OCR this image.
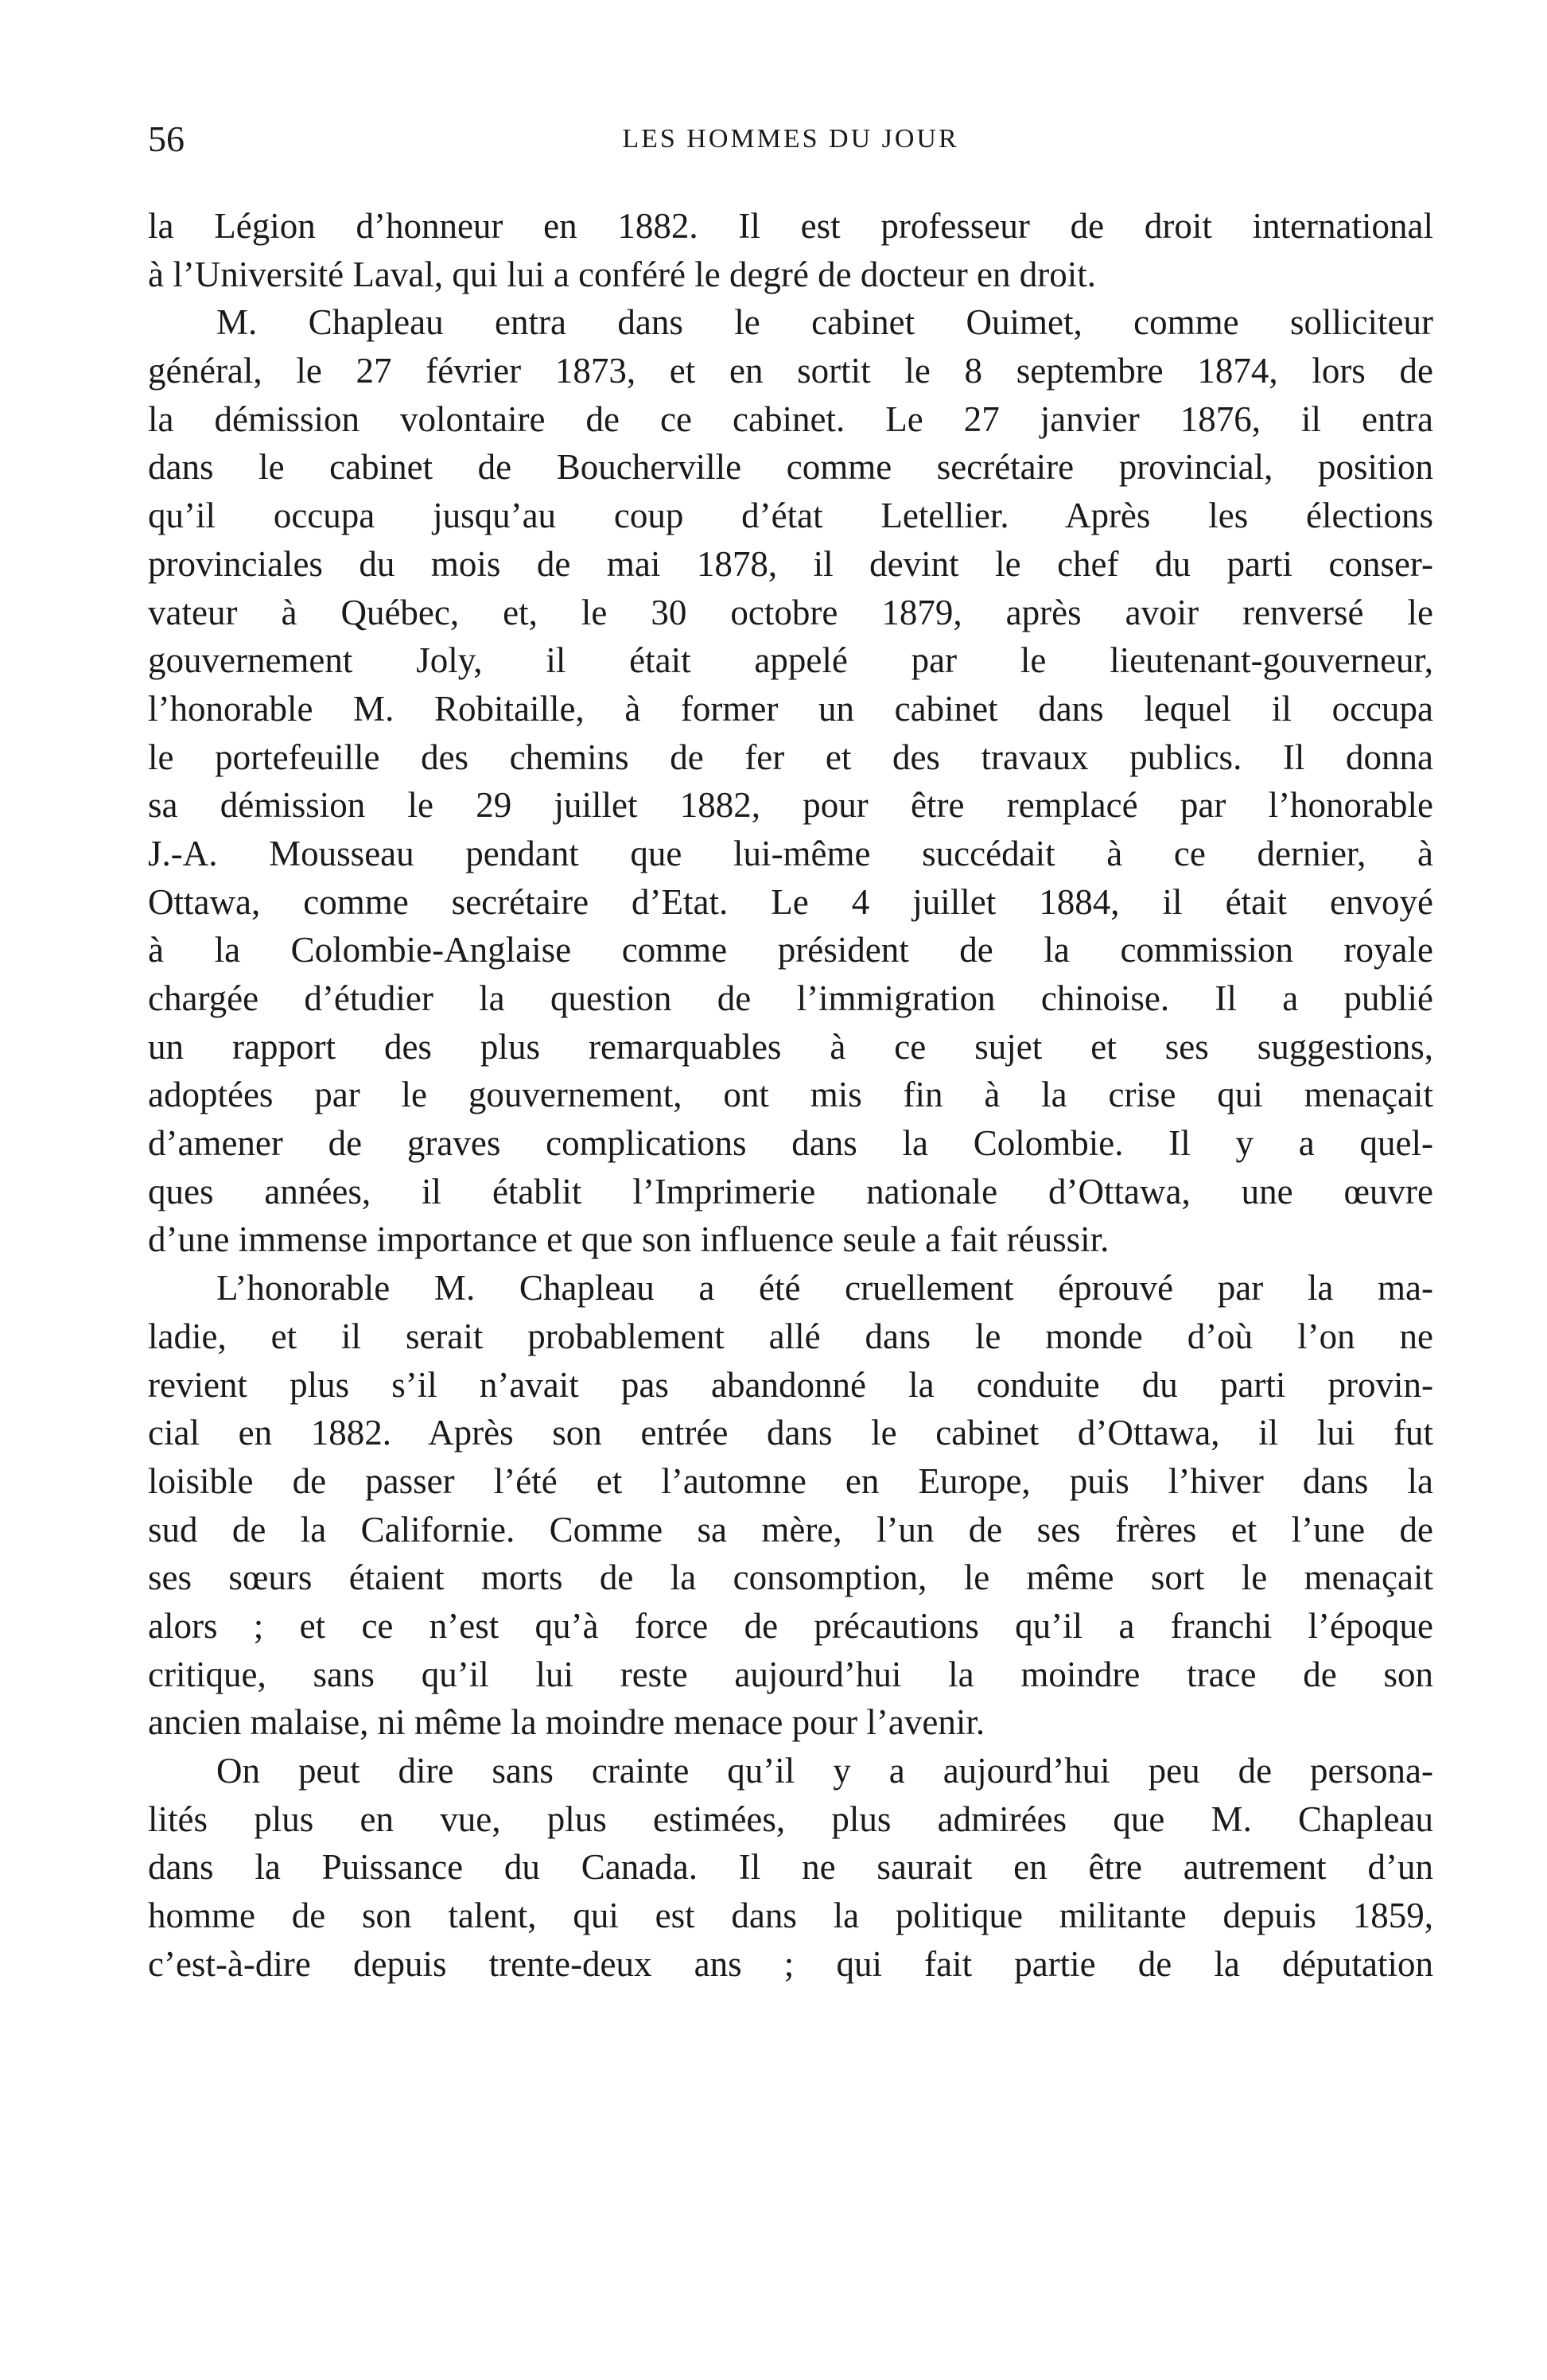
56	LES HOMMES DU JOUR
la Légion d’honneur en 1882. Il est professeur de droit international
à l’Université Laval, qui lui a conféré le degré de docteur en droit.
M. Chapleau entra dans le cabinet Ouimet, comme solliciteur
général, le 27 février 1873, et en sortit le 8 septembre 1874, lors de
la démission volontaire de ce cabinet. Le 27 janvier 1876, il entra
dans le cabinet de Boucherville comme secrétaire provincial, position
qu’il occupa jusqu’au coup d’état Letellier. Après les élections
provinciales du mois de mai 1878, il devint le chef du parti conser-
vateur à Québec, et, le 30 octobre 1879, après avoir renversé le
gouvernement Joly, il était appelé par le lieutenant-gouverneur,
l’honorable M. Robitaille, à former un cabinet dans lequel il occupa
le portefeuille des chemins de fer et des travaux publics. Il donna
sa démission le 29 juillet 1882, pour être remplacé par l’honorable
J.-A. Mousseau pendant que lui-même succédait à ce dernier, à
Ottawa, comme secrétaire d’Etat. Le 4 juillet 1884, il était envoyé
à la Colombie-Anglaise comme président de la commission royale
chargée d’étudier la question de l’immigration chinoise. Il a publié
un rapport des plus remarquables à ce sujet et ses suggestions,
adoptées par le gouvernement, ont mis fin à la crise qui menaçait
d’amener de graves complications dans la Colombie. Il y a quel-
ques années, il établit l’Imprimerie nationale d’Ottawa, une œuvre
d’une immense importance et que son influence seule a fait réussir.
L’honorable M. Chapleau a été cruellement éprouvé par la ma-
ladie, et il serait probablement allé dans le monde d’où l’on ne
revient plus s’il n’avait pas abandonné la conduite du parti provin-
cial en 1882. Après son entrée dans le cabinet d’Ottawa, il lui fut
loisible de passer l’été et l’automne en Europe, puis l’hiver dans la
sud de la Californie. Comme sa mère, l’un de ses frères et l’une de
ses sœurs étaient morts de la consomption, le même sort le menaçait
alors ; et ce n’est qu’à force de précautions qu’il a franchi l’époque
critique, sans qu’il lui reste aujourd’hui la moindre trace de son
ancien malaise, ni même la moindre menace pour l’avenir.
On peut dire sans crainte qu’il y a aujourd’hui peu de persona-
lités plus en vue, plus estimées, plus admirées que M. Chapleau
dans la Puissance du Canada. Il ne saurait en être autrement d’un
homme de son talent, qui est dans la politique militante depuis 1859,
c’est-à-dire depuis trente-deux ans ; qui fait partie de la députation
